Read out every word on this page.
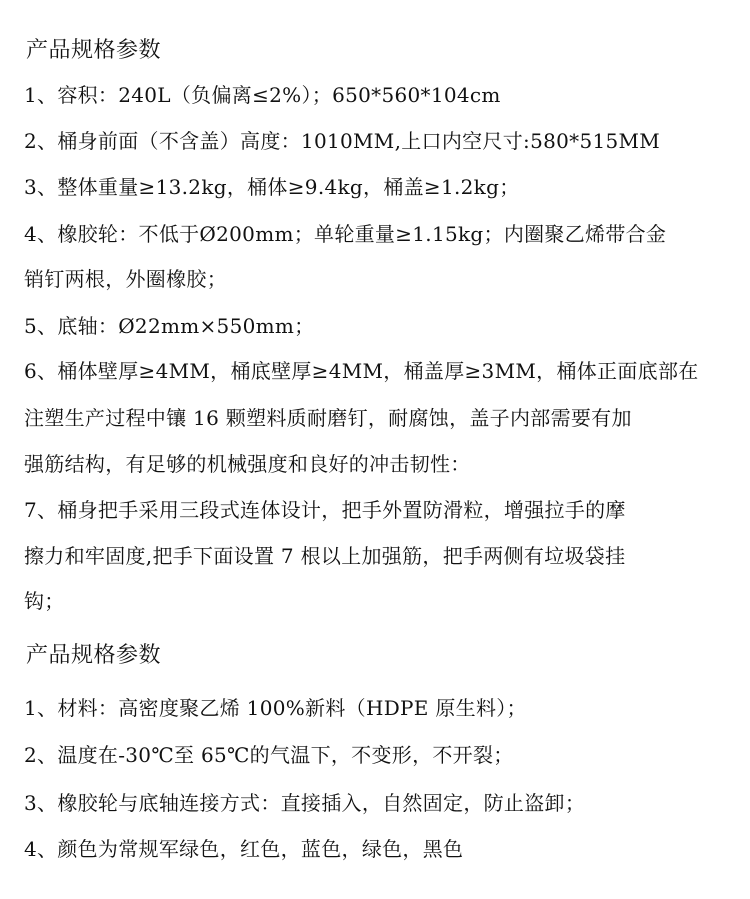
产品规格参数
1、容积：240L（负偏离≤2%）；650*560*104cm
2、桶身前面（不含盖）高度：1010MM,上口内空尺寸:580*515MM
3、整体重量≥13.2kg，桶体≥9.4kg，桶盖≥1.2kg；
4、橡胶轮：不低于Ø200mm；单轮重量≥1.15kg；内圈聚乙烯带合金
销钉两根，外圈橡胶；
5、底轴：Ø22mm×550mm；
6、桶体壁厚≥4MM，桶底壁厚≥4MM，桶盖厚≥3MM，桶体正面底部在
注塑生产过程中镶 16 颗塑料质耐磨钉，耐腐蚀，盖子内部需要有加
强筋结构，有足够的机械强度和良好的冲击韧性：
7、桶身把手采用三段式连体设计，把手外置防滑粒，增强拉手的摩
擦力和牢固度,把手下面设置 7 根以上加强筋，把手两侧有垃圾袋挂
钩；
产品规格参数
1、材料：高密度聚乙烯 100%新料（HDPE 原生料）；
2、温度在-30℃至 65℃的气温下，不变形，不开裂；
3、橡胶轮与底轴连接方式：直接插入，自然固定，防止盗卸；
4、颜色为常规军绿色，红色，蓝色，绿色，黑色
